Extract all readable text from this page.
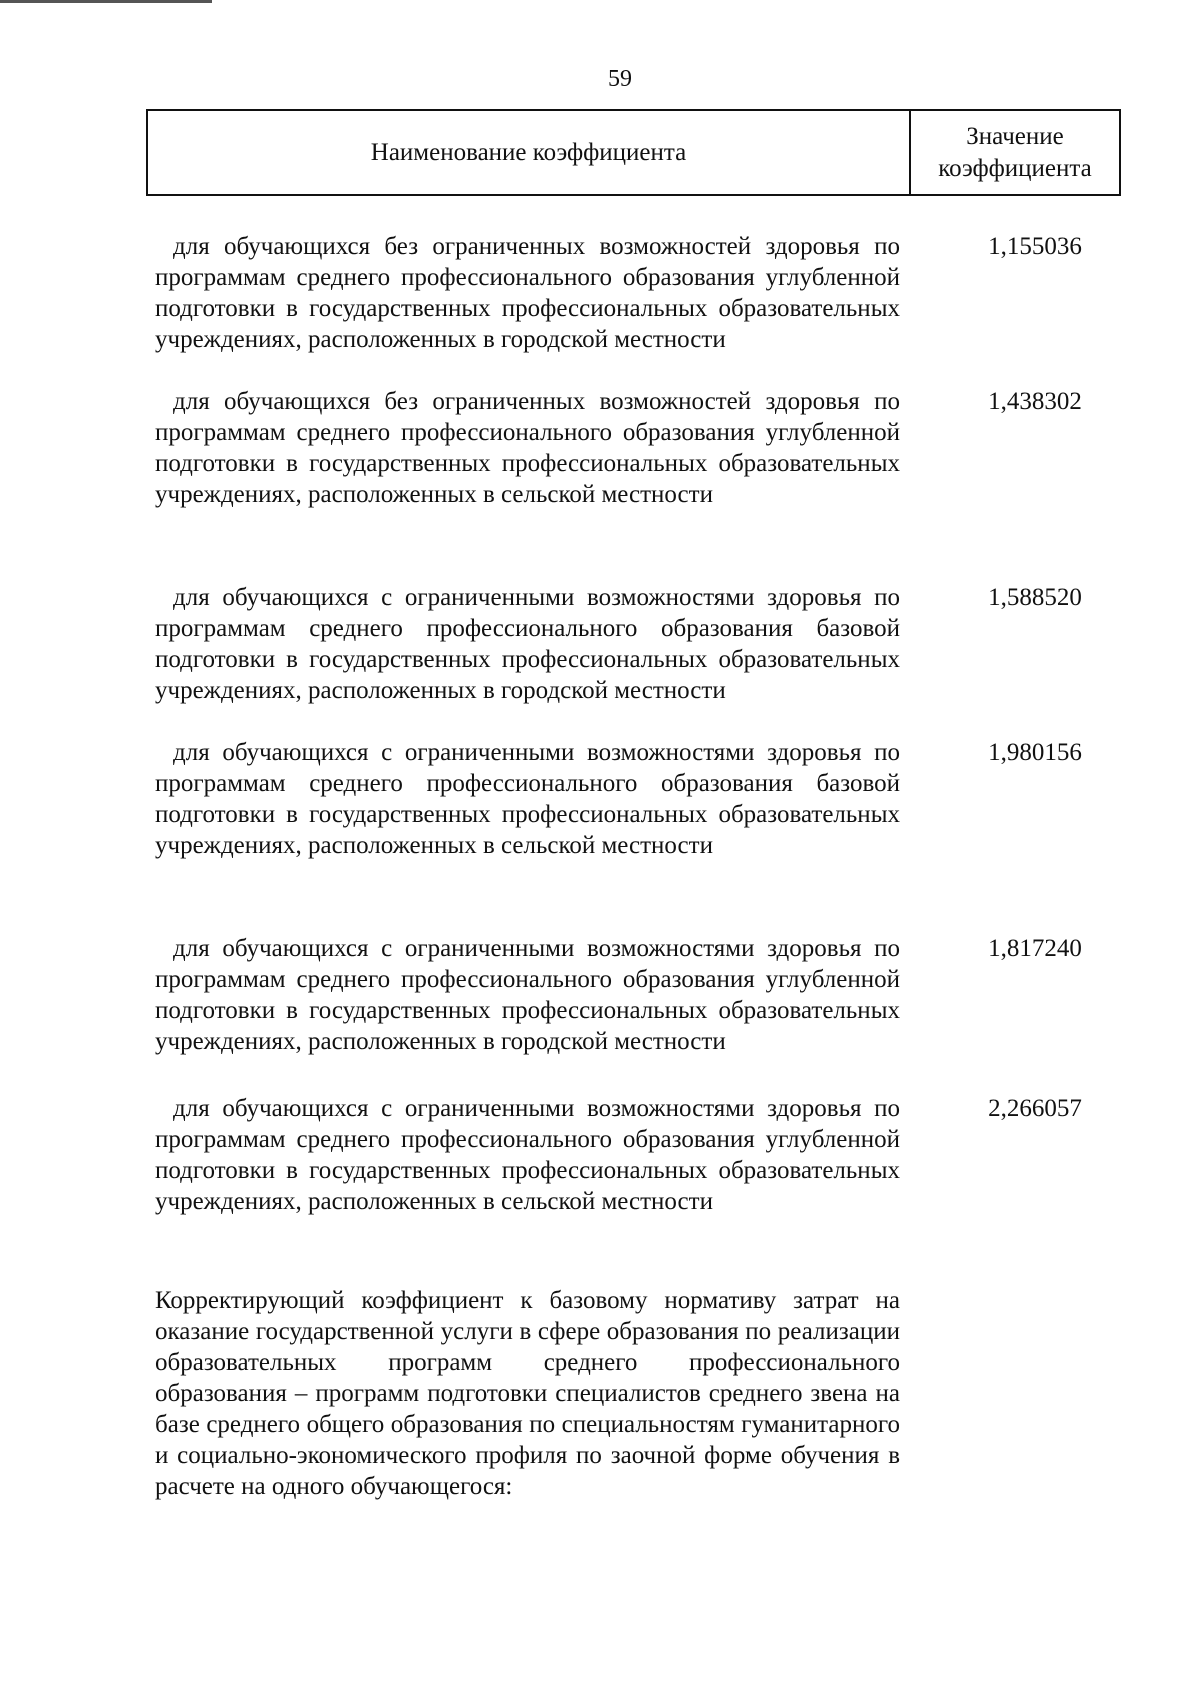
59
Наименование коэффициента
Значение коэффициента
для обучающихся без ограниченных возможностей здоровья по программам среднего профессионального образования углубленной подготовки в государственных профессиональных образовательных учреждениях, расположенных в городской местности
1,155036
для обучающихся без ограниченных возможностей здоровья по программам среднего профессионального образования углубленной подготовки в государственных профессиональных образовательных учреждениях, расположенных в сельской местности
1,438302
для обучающихся с ограниченными возможностями здоровья по программам среднего профессионального образования базовой подготовки в государственных профессиональных образовательных учреждениях, расположенных в городской местности
1,588520
для обучающихся с ограниченными возможностями здоровья по программам среднего профессионального образования базовой подготовки в государственных профессиональных образовательных учреждениях, расположенных в сельской местности
1,980156
для обучающихся с ограниченными возможностями здоровья по программам среднего профессионального образования углубленной подготовки в государственных профессиональных образовательных учреждениях, расположенных в городской местности
1,817240
для обучающихся с ограниченными возможностями здоровья по программам среднего профессионального образования углубленной подготовки в государственных профессиональных образовательных учреждениях, расположенных в сельской местности
2,266057
Корректирующий коэффициент к базовому нормативу затрат на оказание государственной услуги в сфере образования по реализации образовательных программ среднего профессионального образования – программ подготовки специалистов среднего звена на базе среднего общего образования по специальностям гуманитарного и социально-экономического профиля по заочной форме обучения в расчете на одного обучающегося:
